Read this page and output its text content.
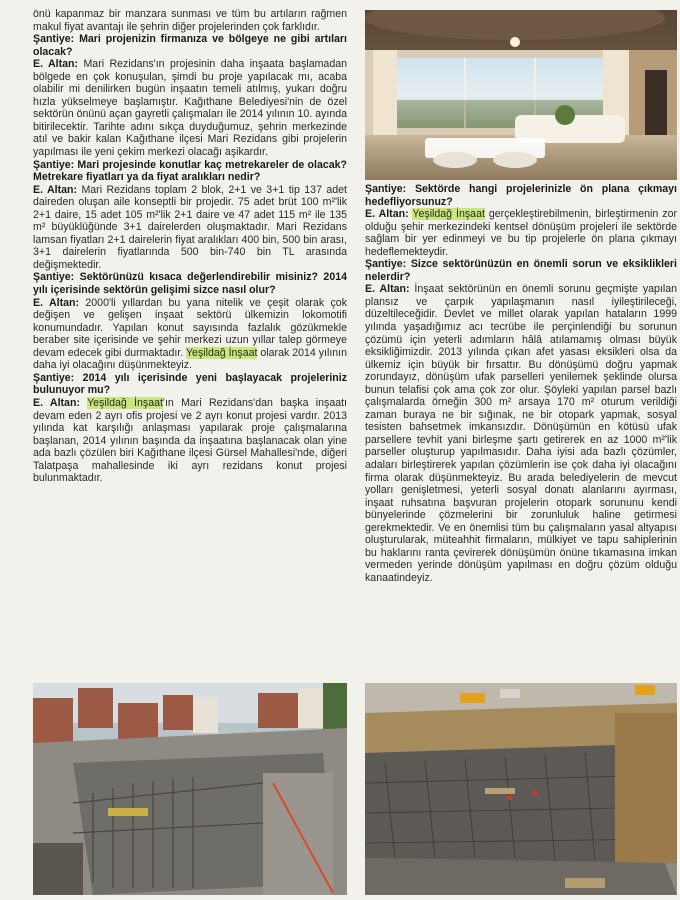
önü kapanmaz bir manzara sunması ve tüm bu artıların rağmen makul fiyat avantajı ile şehrin diğer projelerinden çok farklıdır.

Şantiye: Mari projenizin firmanıza ve bölgeye ne gibi artıları olacak?

E. Altan: Mari Rezidans'ın projesinin daha inşaata başlamadan bölgede en çok konuşulan, şimdi bu proje yapılacak mı, acaba olabilir mi denilirken bugün inşaatın temeli atılmış, yukarı doğru hızla yükselmeye başlamıştır. Kağıthane Belediyesi'nin de özel sektörün önünü açan gayretli çalışmaları ile 2014 yılının 10. ayında bitirilecektir. Tarihte adını sıkça duyduğumuz, şehrin merkezinde atıl ve bakir kalan Kağıthane ilçesi Mari Rezidans gibi projelerin yapılması ile yeni çekim merkezi olacağı aşikardır.

Şantiye: Mari projesinde konutlar kaç metrekareler de olacak? Metrekare fiyatları ya da fiyat aralıkları nedir?

E. Altan: Mari Rezidans toplam 2 blok, 2+1 ve 3+1 tip 137 adet daireden oluşan aile konseptli bir projedir. 75 adet brüt 100 m²'lik 2+1 daire, 15 adet 105 m²'lik 2+1 daire ve 47 adet 115 m² ile 135 m² büyüklüğünde 3+1 dairelerden oluşmaktadır. Mari Rezidans lamsan fiyatları 2+1 dairelerin fiyat aralıkları 400 bin, 500 bin arası, 3+1 dairelerin fiyatlarında 500 bin-740 bin TL arasında değişmektedir.

Şantiye: Sektörünüzü kısaca değerlendirebilir misiniz? 2014 yılı içerisinde sektörün gelişimi sizce nasıl olur?

E. Altan: 2000'li yıllardan bu yana nitelik ve çeşit olarak çok değişen ve gelişen inşaat sektörü ülkemizin lokomotifi konumundadır. Yapılan konut sayısında fazlalık gözükmekle beraber site içerisinde ve şehir merkezi uzun yıllar talep görmeye devam edecek gibi durmaktadır. Yeşildağ İnşaat olarak 2014 yılının daha iyi olacağını düşünmekteyiz.

Şantiye: 2014 yılı içerisinde yeni başlayacak projeleriniz bulunuyor mu?

E. Altan: Yeşildağ İnşaat'ın Mari Rezidans'dan başka inşaatı devam eden 2 ayrı ofis projesi ve 2 ayrı konut projesi vardır. 2013 yılında kat karşılığı anlaşması yapılarak proje çalışmalarına başlanan, 2014 yılının başında da inşaatına başlanacak olan yine ada bazlı çözülen biri Kağıthane ilçesi Gürsel Mahallesi'nde, diğeri Talatpaşa mahallesinde iki ayrı rezidans konut projesi bulunmaktadır.

Şantiye: Sektörde hangi projelerinizle ön plana çıkmayı hedefliyorsunuz?

E. Altan: Yeşildağ İnşaat gerçekleştirebilmenin, birleştirmenin zor olduğu şehir merkezindeki kentsel dönüşüm projeleri ile sektörde sağlam bir yer edinmeyi ve bu tip projelerle ön plana çıkmayı hedeflemekteydir.

Şantiye: Sizce sektörünüzün en önemli sorun ve eksiklikleri nelerdir?

E. Altan: İnşaat sektörünün en önemli sorunu geçmişte yapılan plansız ve çarpık yapılaşmanın nasıl iyileştirileceği, düzeltileceğidir. Devlet ve millet olarak yapılan hataların 1999 yılında yaşadığımız acı tecrübe ile perçinlendiği bu sorunun çözümü için yeterli adımların hâlâ atılamamış olması büyük eksikliğimizdir. 2013 yılında çıkan afet yasası eksikleri olsa da ülkemiz için büyük bir fırsattır. Bu dönüşümü doğru yapmak zorundayız, dönüşüm ufak parselleri yenilemek şeklinde olursa bunun telafisi çok ama çok zor olur. Şöyleki yapılan parsel bazlı çalışmalarda örneğin 300 m² arsaya 170 m² oturum verildiği zaman buraya ne bir sığınak, ne bir otopark yapmak, sosyal tesisten bahsetmek imkansızdır. Dönüşümün en kötüsü ufak parsellere tevhit yani birleşme şartı getirerek en az 1000 m²'lik parseller oluşturup yapılmasıdır. Daha iyisi ada bazlı çözümler, adaları birleştirerek yapılan çözümlerin ise çok daha iyi olacağını firma olarak düşünmekteyiz. Bu arada belediyelerin de mevcut yolları genişletmesi, yeterli sosyal donatı alanlarını ayırması, inşaat ruhsatına başvuran projelerin otopark sorununu kendi bünyelerinde çözmelerini bir zorunluluk haline getirmesi gerekmektedir. Ve en önemlisi tüm bu çalışmaların yasal altyapısı oluşturularak, müteahhit firmaların, mülkiyet ve tapu sahiplerinin bu haklarını ranta çevirerek dönüşümün önüne tıkamasına imkan vermeden yerinde dönüşüm yapılması en doğru çözüm olduğu kanaatindeyiz.
